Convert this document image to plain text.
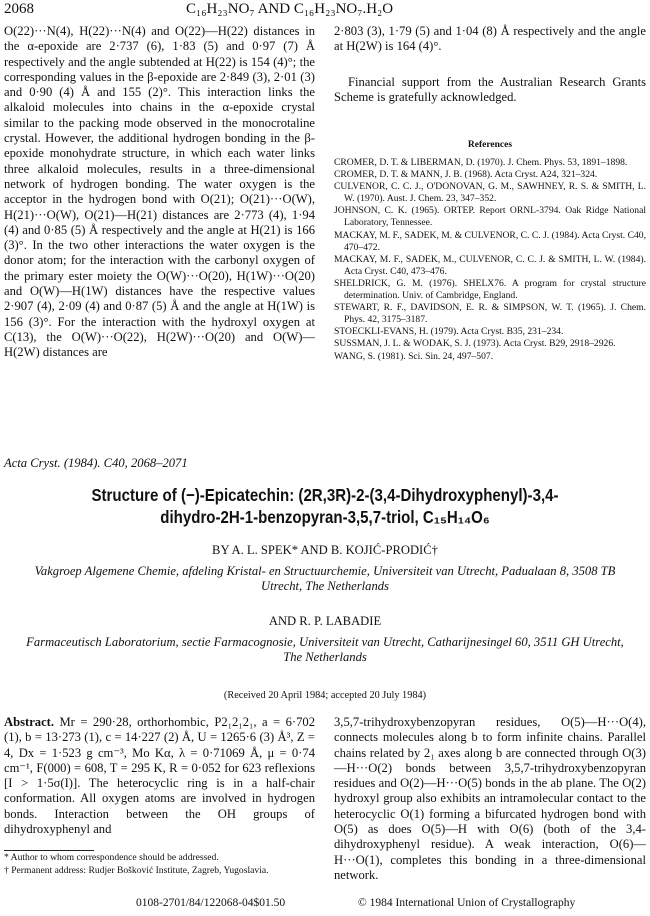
2068	C₁₆H₂₃NO₇ AND C₁₆H₂₃NO₇.H₂O
O(22)···N(4), H(22)···N(4) and O(22)—H(22) distances in the α-epoxide are 2·737 (6), 1·83 (5) and 0·97 (7) Å respectively and the angle subtended at H(22) is 154 (4)°; the corresponding values in the β-epoxide are 2·849 (3), 2·01 (3) and 0·90 (4) Å and 155 (2)°. This interaction links the alkaloid molecules into chains in the α-epoxide crystal similar to the packing mode observed in the monocrotaline crystal. However, the additional hydrogen bonding in the β-epoxide monohydrate structure, in which each water links three alkaloid molecules, results in a three-dimensional network of hydrogen bonding. The water oxygen is the acceptor in the hydrogen bond with O(21); O(21)···O(W), H(21)···O(W), O(21)—H(21) distances are 2·773 (4), 1·94 (4) and 0·85 (5) Å respectively and the angle at H(21) is 166 (3)°. In the two other interactions the water oxygen is the donor atom; for the interaction with the carbonyl oxygen of the primary ester moiety the O(W)···O(20), H(1W)···O(20) and O(W)—H(1W) distances have the respective values 2·907 (4), 2·09 (4) and 0·87 (5) Å and the angle at H(1W) is 156 (3)°. For the interaction with the hydroxyl oxygen at C(13), the O(W)···O(22), H(2W)···O(20) and O(W)—H(2W) distances are
2·803 (3), 1·79 (5) and 1·04 (8) Å respectively and the angle at H(2W) is 164 (4)°.
Financial support from the Australian Research Grants Scheme is gratefully acknowledged.
References
CROMER, D. T. & LIBERMAN, D. (1970). J. Chem. Phys. 53, 1891–1898.
CROMER, D. T. & MANN, J. B. (1968). Acta Cryst. A24, 321–324.
CULVENOR, C. C. J., O'DONOVAN, G. M., SAWHNEY, R. S. & SMITH, L. W. (1970). Aust. J. Chem. 23, 347–352.
JOHNSON, C. K. (1965). ORTEP. Report ORNL-3794. Oak Ridge National Laboratory, Tennessee.
MACKAY, M. F., SADEK, M. & CULVENOR, C. C. J. (1984). Acta Cryst. C40, 470–472.
MACKAY, M. F., SADEK, M., CULVENOR, C. C. J. & SMITH, L. W. (1984). Acta Cryst. C40, 473–476.
SHELDRICK, G. M. (1976). SHELX76. A program for crystal structure determination. Univ. of Cambridge, England.
STEWART, R. F., DAVIDSON, E. R. & SIMPSON, W. T. (1965). J. Chem. Phys. 42, 3175–3187.
STOECKLI-EVANS, H. (1979). Acta Cryst. B35, 231–234.
SUSSMAN, J. L. & WODAK, S. J. (1973). Acta Cryst. B29, 2918–2926.
WANG, S. (1981). Sci. Sin. 24, 497–507.
Acta Cryst. (1984). C40, 2068–2071
Structure of (−)-Epicatechin: (2R,3R)-2-(3,4-Dihydroxyphenyl)-3,4-dihydro-2H-1-benzopyran-3,5,7-triol, C₁₅H₁₄O₆
BY A. L. SPEK* AND B. KOJIĆ-PRODIĆ†
Vakgroep Algemene Chemie, afdeling Kristal- en Structuurchemie, Universiteit van Utrecht, Padualaan 8, 3508 TB Utrecht, The Netherlands
AND R. P. LABADIE
Farmaceutisch Laboratorium, sectie Farmacognosie, Universiteit van Utrecht, Catharijnesingel 60, 3511 GH Utrecht, The Netherlands
(Received 20 April 1984; accepted 20 July 1984)
Abstract. Mr = 290·28, orthorhombic, P2₁2₁2₁, a = 6·702 (1), b = 13·273 (1), c = 14·227 (2) Å, U = 1265·6 (3) Å³, Z = 4, Dx = 1·523 g cm⁻³, Mo Kα, λ = 0·71069 Å, μ = 0·74 cm⁻¹, F(000) = 608, T = 295 K, R = 0·052 for 623 reflexions [I > 1·5σ(I)]. The heterocyclic ring is in a half-chair conformation. All oxygen atoms are involved in hydrogen bonds. Interaction between the OH groups of dihydroxyphenyl and
3,5,7-trihydroxybenzopyran residues, O(5)—H···O(4), connects molecules along b to form infinite chains. Parallel chains related by 2₁ axes along b are connected through O(3)—H···O(2) bonds between 3,5,7-trihydroxybenzopyran residues and O(2)—H···O(5) bonds in the ab plane. The O(2) hydroxyl group also exhibits an intramolecular contact to the heterocyclic O(1) forming a bifurcated hydrogen bond with O(5) as does O(5)—H with O(6) (both of the 3,4-dihydroxyphenyl residue). A weak interaction, O(6)—H···O(1), completes this bonding in a three-dimensional network.
* Author to whom correspondence should be addressed.
† Permanent address: Rudjer Bošković Institute, Zagreb, Yugoslavia.
0108-2701/84/122068-04$01.50	© 1984 International Union of Crystallography
